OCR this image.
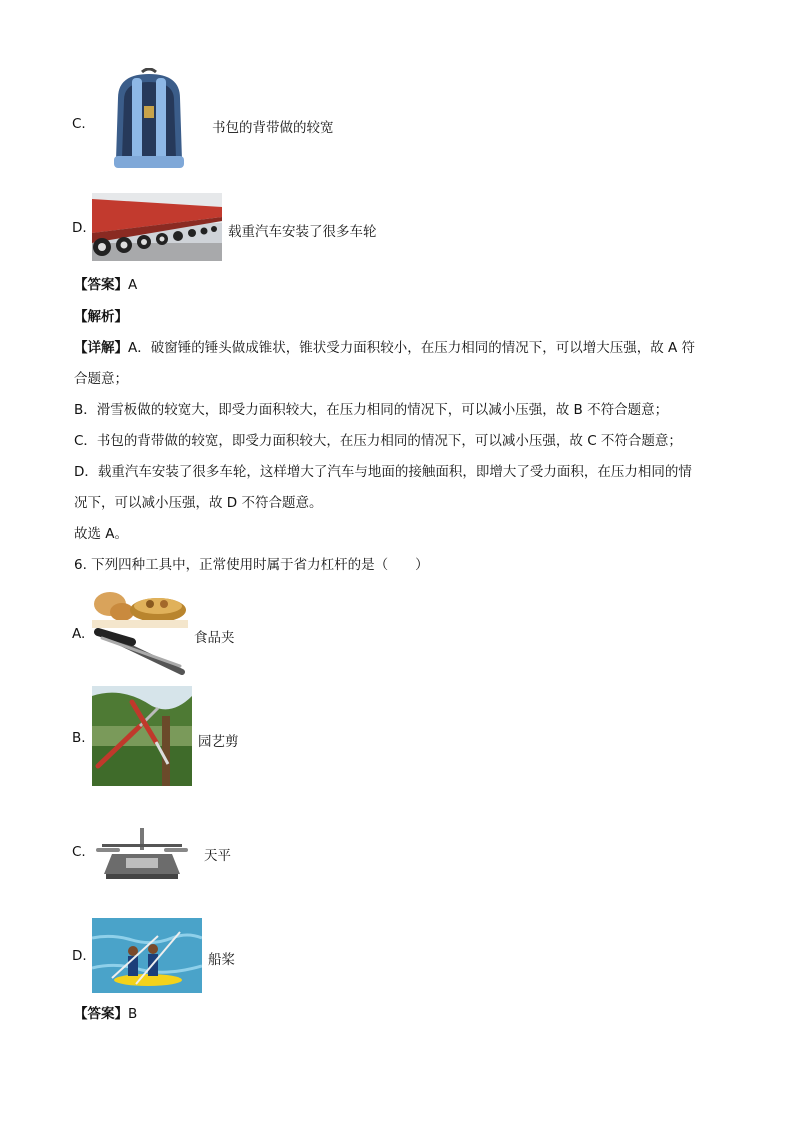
C.	书包的背带做的较宽
D.	载重汽车安装了很多车轮
【答案】A
【解析】
【详解】A．破窗锤的锤头做成锥状，锥状受力面积较小，在压力相同的情况下，可以增大压强，故 A 符
合题意；
B．滑雪板做的较宽大，即受力面积较大，在压力相同的情况下，可以减小压强，故 B 不符合题意；
C．书包的背带做的较宽，即受力面积较大，在压力相同的情况下，可以减小压强，故 C 不符合题意；
D．载重汽车安装了很多车轮，这样增大了汽车与地面的接触面积，即增大了受力面积，在压力相同的情
况下，可以减小压强，故 D 不符合题意。
故选 A。
6. 下列四种工具中，正常使用时属于省力杠杆的是（　　）
A.	食品夹
B.	园艺剪
C.	天平
D.	船桨
【答案】B
